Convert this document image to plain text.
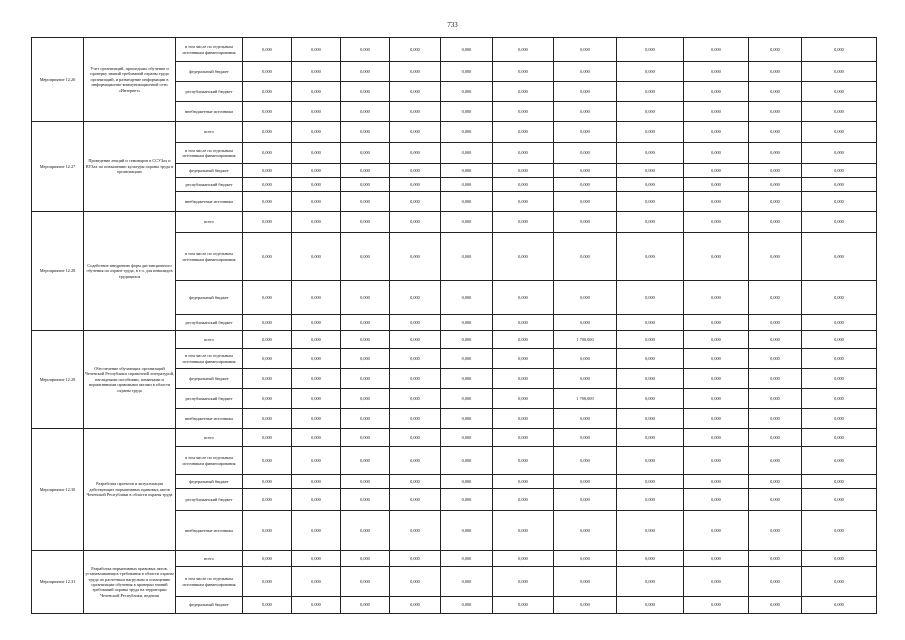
733
Мероприятие 12.26	Учет организаций, прошедших обучение и проверку знаний требований охраны труда организаций, и размещение информации в информационно-коммуникационной сети «Интернет»	в том числе по отдельным источникам финансирования	0,000	0,000	0,000	0,000	0,000	0,000	0,000	0,000	0,000	0,000	0,000
		федеральный бюджет	0,000	0,000	0,000	0,000	0,000	0,000	0,000	0,000	0,000	0,000	0,000
		республиканский бюджет	0,000	0,000	0,000	0,000	0,000	0,000	0,000	0,000	0,000	0,000	0,000
		внебюджетные источники	0,000	0,000	0,000	0,000	0,000	0,000	0,000	0,000	0,000	0,000	0,000
Мероприятие 12.27	Проведение лекций и семинаров в ССУЗах и ВУЗах по повышению культуры охраны труда в организациях	всего	0,000	0,000	0,000	0,000	0,000	0,000	0,000	0,000	0,000	0,000	0,000
		в том числе по отдельным источникам финансирования	0,000	0,000	0,000	0,000	0,000	0,000	0,000	0,000	0,000	0,000	0,000
		федеральный бюджет	0,000	0,000	0,000	0,000	0,000	0,000	0,000	0,000	0,000	0,000	0,000
		республиканский бюджет	0,000	0,000	0,000	0,000	0,000	0,000	0,000	0,000	0,000	0,000	0,000
		внебюджетные источники	0,000	0,000	0,000	0,000	0,000	0,000	0,000	0,000	0,000	0,000	0,000
Мероприятие 12.28	Содействие внедрению форм дистанционного обучения по охране труда, в т.ч. для инвалидов трудящихся	всего	0,000	0,000	0,000	0,000	0,000	0,000	0,000	0,000	0,000	0,000	0,000
		в том числе по отдельным источникам финансирования	0,000	0,000	0,000	0,000	0,000	0,000	0,000	0,000	0,000	0,000	0,000
		федеральный бюджет	0,000	0,000	0,000	0,000	0,000	0,000	0,000	0,000	0,000	0,000	0,000
		республиканский бюджет	0,000	0,000	0,000	0,000	0,000	0,000	0,000	0,000	0,000	0,000	0,000
Мероприятие 12.29	Обеспечение обучающих организаций Чеченской Республики справочной литературой, наглядными пособиями, памятками и нормативными правовыми актами в области охраны труда	всего	0,000	0,000	0,000	0,000	0,000	0,000	1 700,000	0,000	0,000	0,000	0,000
		в том числе по отдельным источникам финансирования	0,000	0,000	0,000	0,000	0,000	0,000	0,000	0,000	0,000	0,000	0,000
		федеральный бюджет	0,000	0,000	0,000	0,000	0,000	0,000	0,000	0,000	0,000	0,000	0,000
		республиканский бюджет	0,000	0,000	0,000	0,000	0,000	0,000	1 700,000	0,000	0,000	0,000	0,000
		внебюджетные источники	0,000	0,000	0,000	0,000	0,000	0,000	0,000	0,000	0,000	0,000	0,000
Мероприятие 12.30	Разработка проектов и актуализация действующих нормативных правовых актов Чеченской Республики в области охраны труда	всего	0,000	0,000	0,000	0,000	0,000	0,000	0,000	0,000	0,000	0,000	0,000
		в том числе по отдельным источникам финансирования	0,000	0,000	0,000	0,000	0,000	0,000	0,000	0,000	0,000	0,000	0,000
		федеральный бюджет	0,000	0,000	0,000	0,000	0,000	0,000	0,000	0,000	0,000	0,000	0,000
		республиканский бюджет	0,000	0,000	0,000	0,000	0,000	0,000	0,000	0,000	0,000	0,000	0,000
		внебюджетные источники	0,000	0,000	0,000	0,000	0,000	0,000	0,000	0,000	0,000	0,000	0,000
Мероприятие 12.31	Разработка нормативных правовых актов, устанавливающих требования в области охраны труда по расчетным нагрузкам и оснащению организации обучения в проверки знаний требований охраны труда на территории Чеченской Республики, ведения	всего	0,000	0,000	0,000	0,000	0,000	0,000	0,000	0,000	0,000	0,000	0,000
		в том числе по отдельным источникам финансирования	0,000	0,000	0,000	0,000	0,000	0,000	0,000	0,000	0,000	0,000	0,000
		федеральный бюджет	0,000	0,000	0,000	0,000	0,000	0,000	0,000	0,000	0,000	0,000	0,000
